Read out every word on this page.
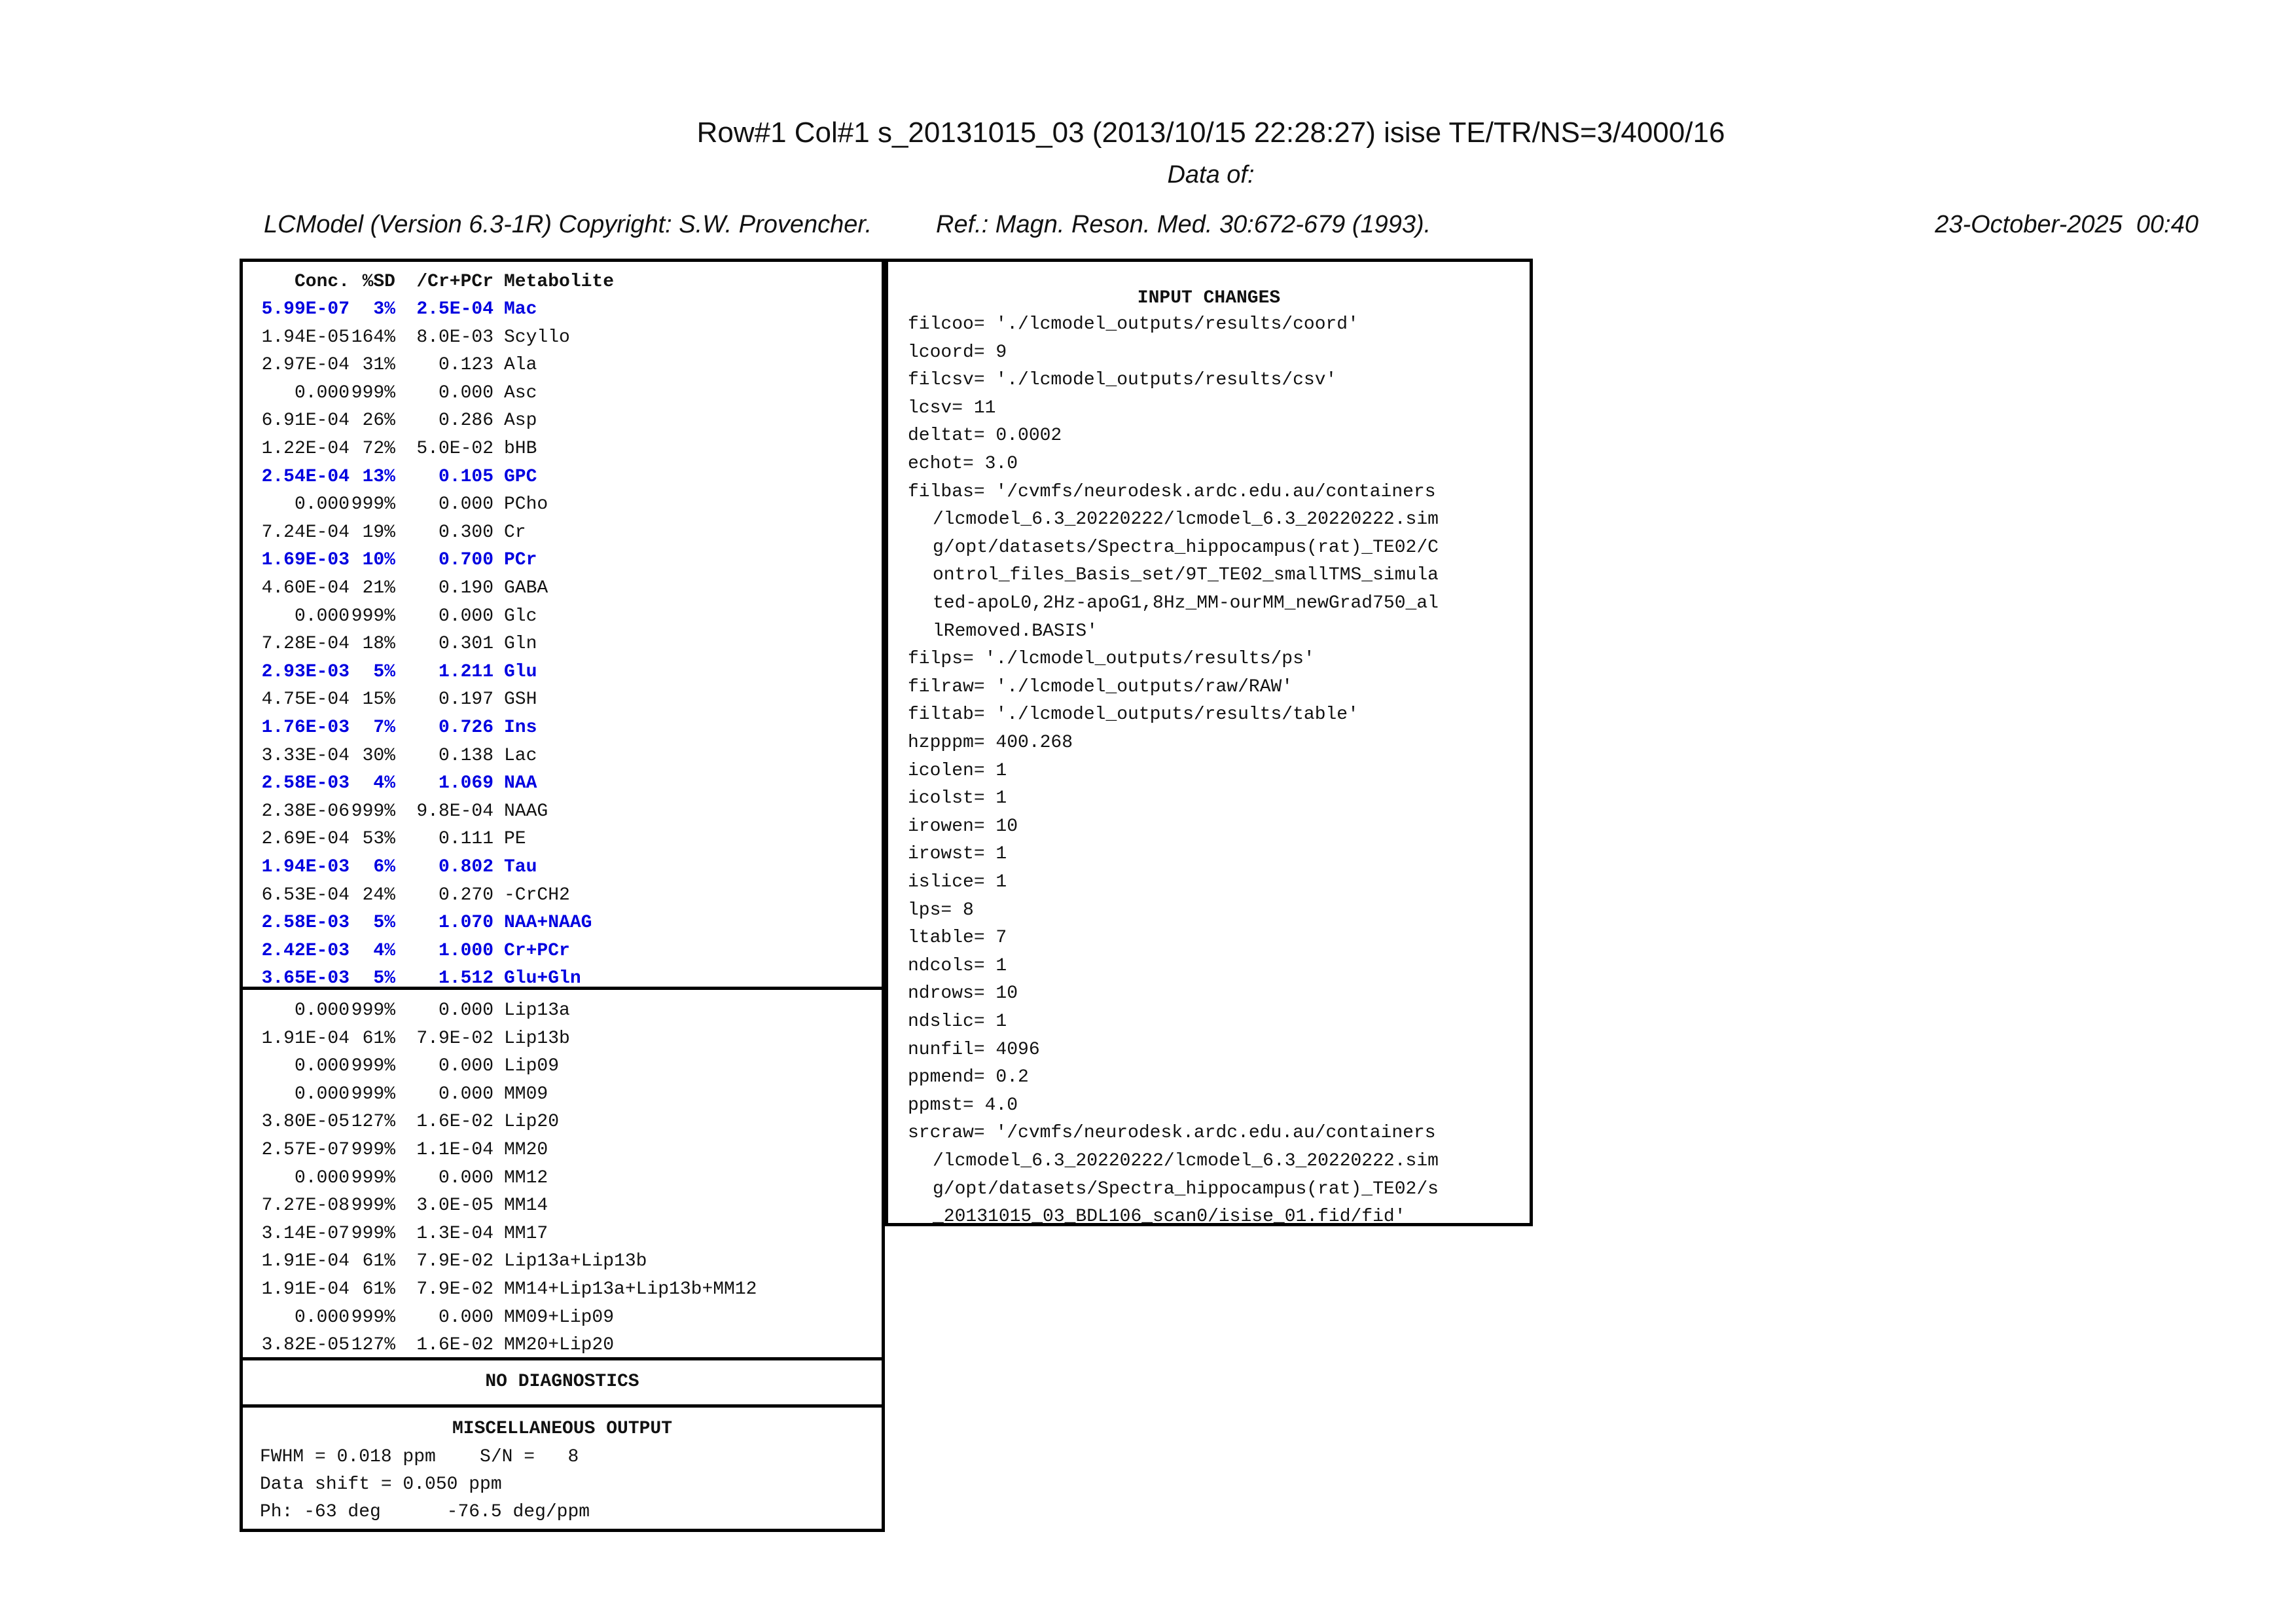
Row#1 Col#1 s_20131015_03 (2013/10/15 22:28:27) isise TE/TR/NS=3/4000/16
Data of:
LCModel (Version 6.3-1R) Copyright: S.W. Provencher.	Ref.: Magn. Reson. Med. 30:672-679 (1993).	23-October-2025  00:40
Conc. %SD /Cr+PCr Metabolite
5.99E-07 3% 2.5E-04 Mac
1.94E-05164% 8.0E-03 Scyllo
2.97E-04 31% 0.123 Ala
0.000999% 0.000 Asc
6.91E-04 26% 0.286 Asp
1.22E-04 72% 5.0E-02 bHB
2.54E-04 13% 0.105 GPC
0.000999% 0.000 PCho
7.24E-04 19% 0.300 Cr
1.69E-03 10% 0.700 PCr
4.60E-04 21% 0.190 GABA
0.000999% 0.000 Glc
7.28E-04 18% 0.301 Gln
2.93E-03 5% 1.211 Glu
4.75E-04 15% 0.197 GSH
1.76E-03 7% 0.726 Ins
3.33E-04 30% 0.138 Lac
2.58E-03 4% 1.069 NAA
2.38E-06999% 9.8E-04 NAAG
2.69E-04 53% 0.111 PE
1.94E-03 6% 0.802 Tau
6.53E-04 24% 0.270 -CrCH2
2.58E-03 5% 1.070 NAA+NAAG
2.42E-03 4% 1.000 Cr+PCr
3.65E-03 5% 1.512 Glu+Gln
0.000999% 0.000 Lip13a
1.91E-04 61% 7.9E-02 Lip13b
0.000999% 0.000 Lip09
0.000999% 0.000 MM09
3.80E-05127% 1.6E-02 Lip20
2.57E-07999% 1.1E-04 MM20
0.000999% 0.000 MM12
7.27E-08999% 3.0E-05 MM14
3.14E-07999% 1.3E-04 MM17
1.91E-04 61% 7.9E-02 Lip13a+Lip13b
1.91E-04 61% 7.9E-02 MM14+Lip13a+Lip13b+MM12
0.000999% 0.000 MM09+Lip09
3.82E-05127% 1.6E-02 MM20+Lip20
NO DIAGNOSTICS
MISCELLANEOUS OUTPUT
FWHM = 0.018 ppm    S/N =   8
Data shift = 0.050 ppm
Ph: -63 deg      -76.5 deg/ppm
INPUT CHANGES
filcoo= './lcmodel_outputs/results/coord'
lcoord= 9
filcsv= './lcmodel_outputs/results/csv'
lcsv= 11
deltat= 0.0002
echot= 3.0
filbas= '/cvmfs/neurodesk.ardc.edu.au/containers
/lcmodel_6.3_20220222/lcmodel_6.3_20220222.sim
g/opt/datasets/Spectra_hippocampus(rat)_TE02/C
ontrol_files_Basis_set/9T_TE02_smallTMS_simula
ted-apoL0,2Hz-apoG1,8Hz_MM-ourMM_newGrad750_al
lRemoved.BASIS'
filps= './lcmodel_outputs/results/ps'
filraw= './lcmodel_outputs/raw/RAW'
filtab= './lcmodel_outputs/results/table'
hzpppm= 400.268
icolen= 1
icolst= 1
irowen= 10
irowst= 1
islice= 1
lps= 8
ltable= 7
ndcols= 1
ndrows= 10
ndslic= 1
nunfil= 4096
ppmend= 0.2
ppmst= 4.0
srcraw= '/cvmfs/neurodesk.ardc.edu.au/containers
/lcmodel_6.3_20220222/lcmodel_6.3_20220222.sim
g/opt/datasets/Spectra_hippocampus(rat)_TE02/s
_20131015_03_BDL106_scan0/isise_01.fid/fid'
